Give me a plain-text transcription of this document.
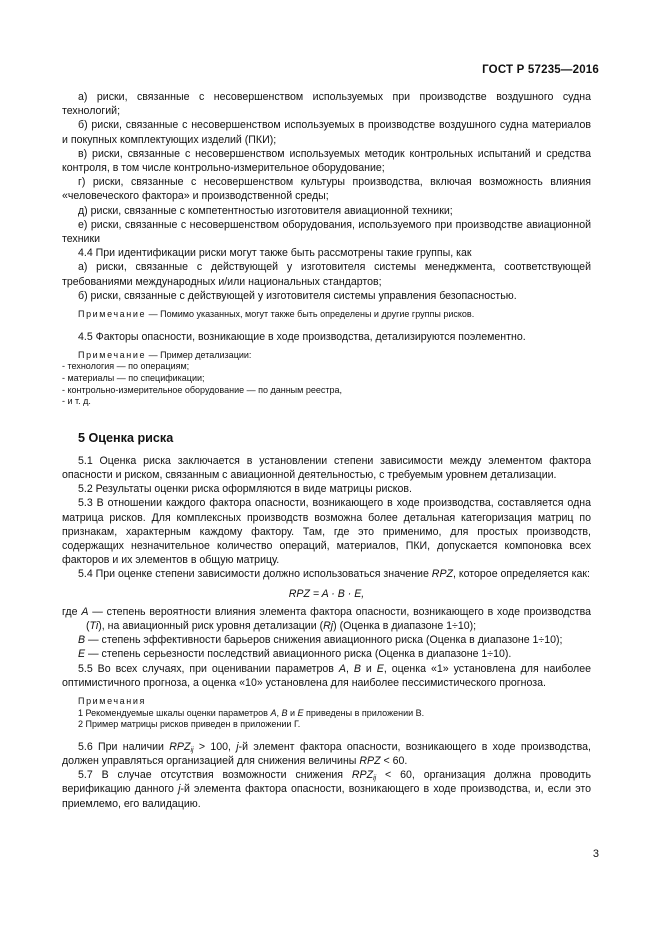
ГОСТ Р 57235—2016

а) риски, связанные с несовершенством используемых при производстве воздушного судна технологий;

б) риски, связанные с несовершенством используемых в производстве воздушного судна материалов и покупных комплектующих изделий (ПКИ);

в) риски, связанные с несовершенством используемых методик контрольных испытаний и средства контроля, в том числе контрольно-измерительное оборудование;

г) риски, связанные с несовершенством культуры производства, включая возможность влияния «человеческого фактора» и производственной среды;

д) риски, связанные с компетентностью изготовителя авиационной техники;

е) риски, связанные с несовершенством оборудования, используемого при производстве авиационной техники

4.4 При идентификации риски могут также быть рассмотрены такие группы, как

а) риски, связанные с действующей у изготовителя системы менеджмента, соответствующей требованиями международных и/или национальных стандартов;

б) риски, связанные с действующей у изготовителя системы управления безопасностью.

Примечание — Помимо указанных, могут также быть определены и другие группы рисков.

4.5 Факторы опасности, возникающие в ходе производства, детализируются поэлементно.

Примечание — Пример детализации:

- технология — по операциям;

- материалы — по спецификации;

- контрольно-измерительное оборудование — по данным реестра,

- и т. д.

5 Оценка риска

5.1 Оценка риска заключается в установлении степени зависимости между элементом фактора опасности и риском, связанным с авиационной деятельностью, с требуемым уровнем детализации.

5.2 Результаты оценки риска оформляются в виде матрицы рисков.

5.3 В отношении каждого фактора опасности, возникающего в ходе производства, составляется одна матрица рисков. Для комплексных производств возможна более детальная категоризация матриц по признакам, характерным каждому фактору. Там, где это применимо, для простых производств, содержащих незначительное количество операций, материалов, ПКИ, допускается компоновка всех факторов и их элементов в общую матрицу.

5.4 При оценке степени зависимости должно использоваться значение RPZ, которое определяется как:

RPZ = A · B · E,

где A — степень вероятности влияния элемента фактора опасности, возникающего в ходе производства (Ti), на авиационный риск уровня детализации (Rj) (Оценка в диапазоне 1÷10);

B — степень эффективности барьеров снижения авиационного риска (Оценка в диапазоне 1÷10);

E — степень серьезности последствий авиационного риска (Оценка в диапазоне 1÷10).

5.5 Во всех случаях, при оценивании параметров A, B и E, оценка «1» установлена для наиболее оптимистичного прогноза, а оценка «10» установлена для наиболее пессимистического прогноза.

Примечания

1 Рекомендуемые шкалы оценки параметров A, B и E приведены в приложении В.

2 Пример матрицы рисков приведен в приложении Г.

5.6 При наличии $RPZ_{ij} > 100$, j-й элемент фактора опасности, возникающего в ходе производства, должен управляться организацией для снижения величины RPZ < 60.

5.7 В случае отсутствия возможности снижения $RPZ_{ij} < 60$, организация должна проводить верификацию данного j-й элемента фактора опасности, возникающего в ходе производства, и, если это приемлемо, его валидацию.

3
